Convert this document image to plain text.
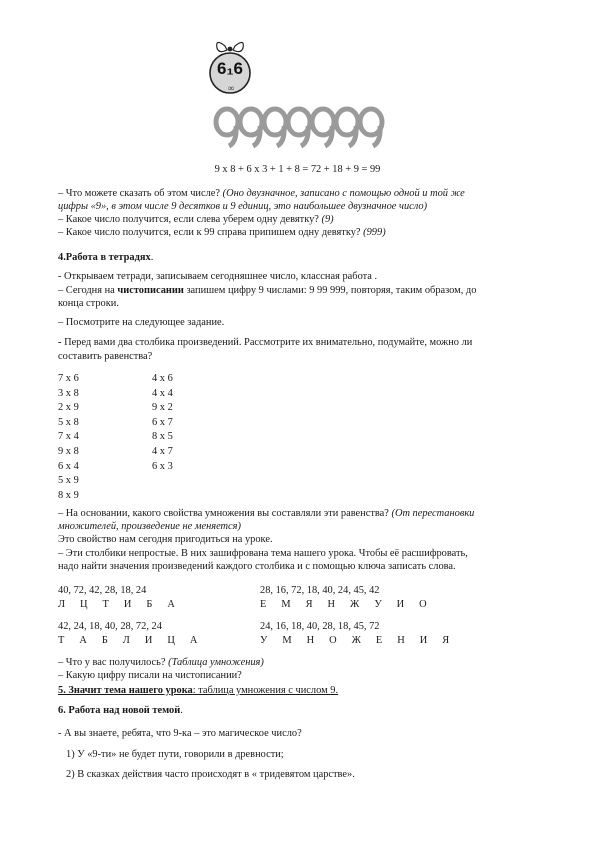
6₁6
∞
9 х 8 + 6 х 3 + 1 + 8 = 72 + 18 + 9 = 99
– Что можете сказать об этом числе? (Оно двузначное, записано с помощью одной и той же
цифры «9», в этом числе 9 десятков и 9 единиц, это наибольшее двузначное число)
– Какое число получится, если слева уберем одну девятку? (9)
– Какое число получится, если к 99 справа припишем одну девятку? (999)
4.Работа в тетрадях.
- Открываем тетради, записываем сегодняшнее число, классная работа .
– Сегодня на чистописании запишем цифру 9 числами: 9 99 999, повторяя, таким образом, до
конца строки.
– Посмотрите на следующее задание.
- Перед вами два столбика произведений. Рассмотрите их внимательно, подумайте, можно ли
составить равенства?
7 х 6
3 х 8
2 х 9
5 х 8
7 х 4
9 х 8
6 х 4
5 х 9
8 х 9
4 х 6
4 х 4
9 х 2
6 х 7
8 х 5
4 х 7
6 х 3
– На основании, какого свойства умножения вы составляли эти равенства? (От перестановки
множителей, произведение не меняется)
Это свойство нам сегодня пригодиться на уроке.
– Эти столбики непростые. В них зашифрована тема нашего урока. Чтобы её расшифровать,
надо найти значения произведений каждого столбика и с помощью ключа записать слова.
40, 72, 42, 28, 18, 24
Л Ц Т И Б А
28, 16, 72, 18, 40, 24, 45, 42
Е М Я Н Ж У И О
42, 24, 18, 40, 28, 72, 24
Т А Б Л И Ц А
24, 16, 18, 40, 28, 18, 45, 72
У М Н О Ж Е Н И Я
– Что у вас получилось? (Таблица умножения)
– Какую цифру писали на чистописании?
5. Значит тема нашего урока: таблица умножения с числом 9.
6. Работа над новой темой.
- А вы знаете, ребята, что 9-ка – это магическое число?
1) У «9-ти» не будет пути, говорили в древности;
2) В сказках действия часто происходят в « тридевятом царстве».
